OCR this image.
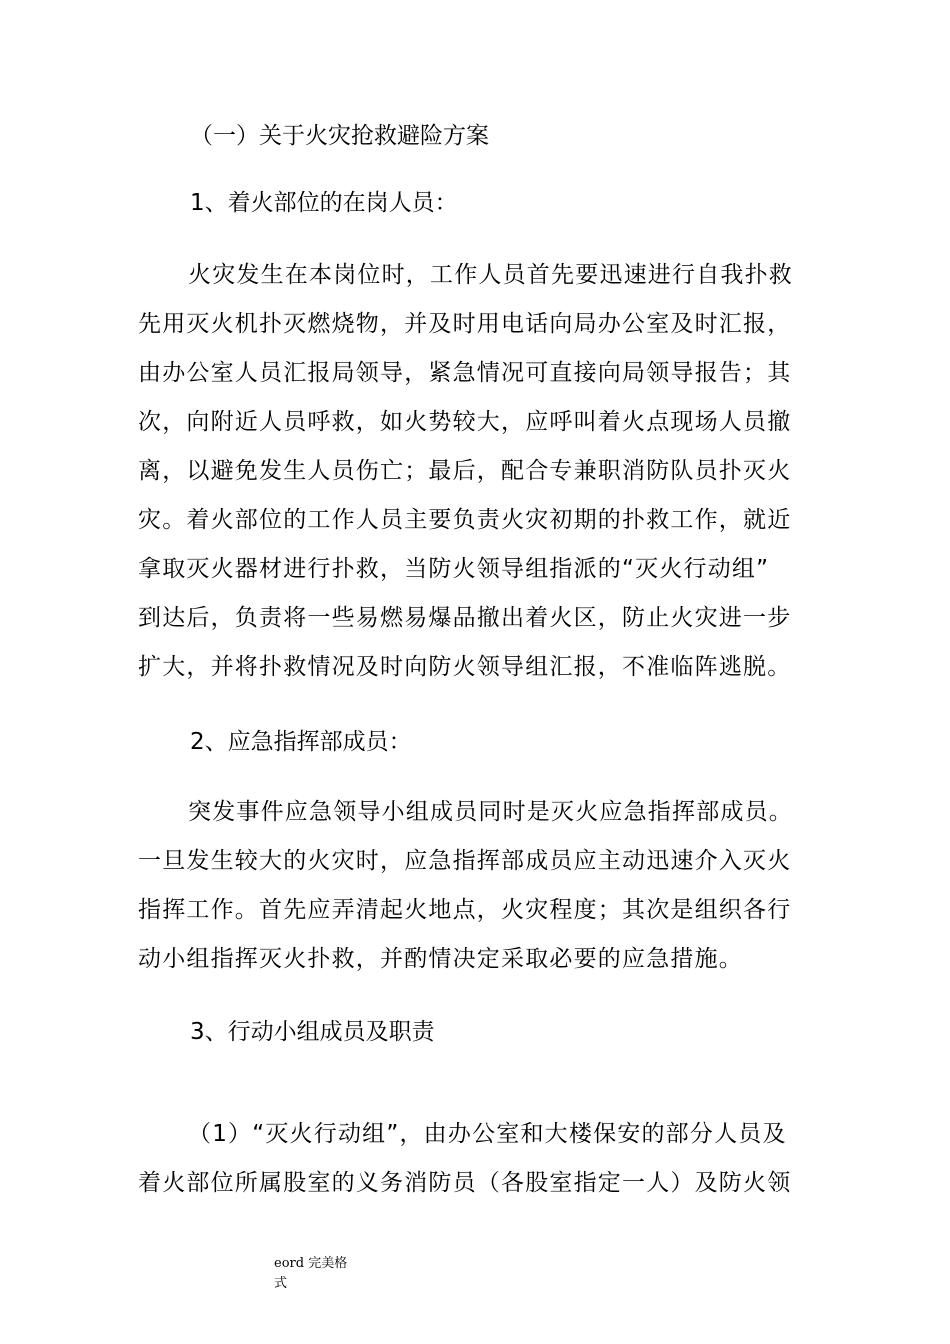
（一）关于火灾抢救避险方案
1、着火部位的在岗人员：
火灾发生在本岗位时，工作人员首先要迅速进行自我扑救
先用灭火机扑灭燃烧物，并及时用电话向局办公室及时汇报，
由办公室人员汇报局领导，紧急情况可直接向局领导报告；其
次，向附近人员呼救，如火势较大，应呼叫着火点现场人员撤
离，以避免发生人员伤亡；最后，配合专兼职消防队员扑灭火
灾。着火部位的工作人员主要负责火灾初期的扑救工作，就近
拿取灭火器材进行扑救，当防火领导组指派的“灭火行动组”
到达后，负责将一些易燃易爆品撤出着火区，防止火灾进一步
扩大，并将扑救情况及时向防火领导组汇报，不准临阵逃脱。
2、应急指挥部成员：
突发事件应急领导小组成员同时是灭火应急指挥部成员。
一旦发生较大的火灾时，应急指挥部成员应主动迅速介入灭火
指挥工作。首先应弄清起火地点，火灾程度；其次是组织各行
动小组指挥灭火扑救，并酌情决定采取必要的应急措施。
3、行动小组成员及职责
（1）“灭火行动组”，由办公室和大楼保安的部分人员及
着火部位所属股室的义务消防员（各股室指定一人）及防火领
eord 完美格
式
